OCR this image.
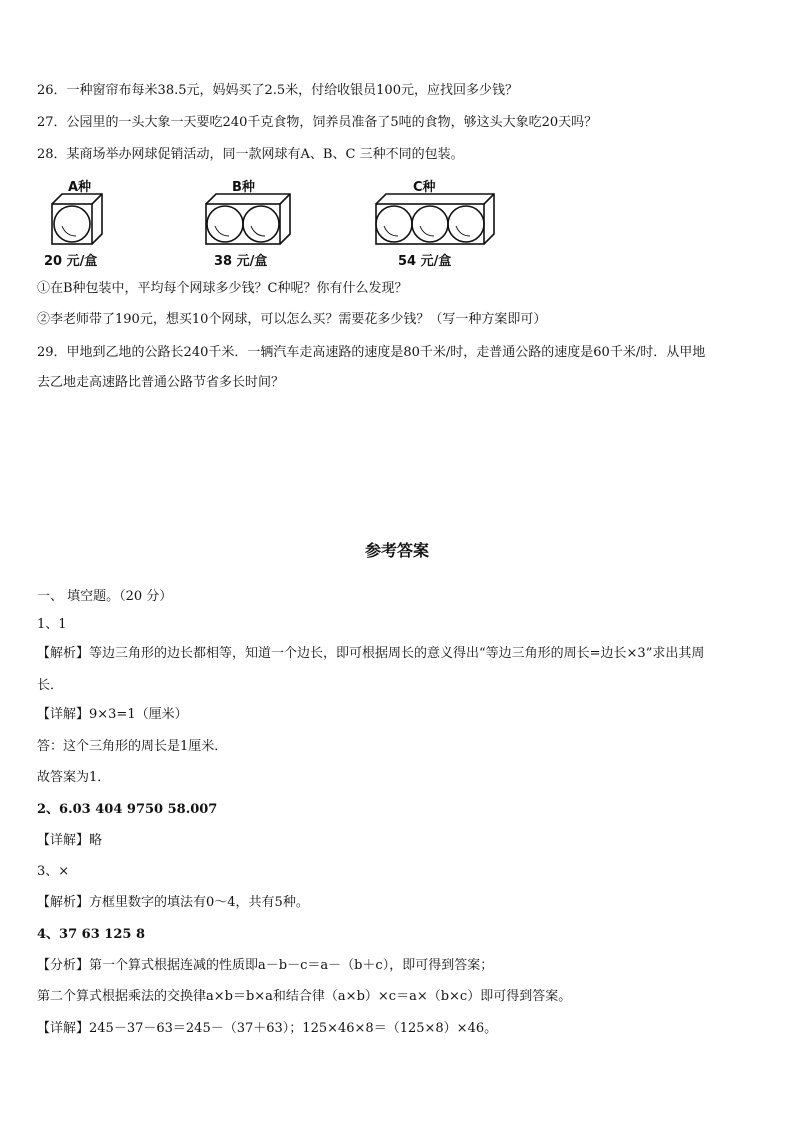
26．一种窗帘布每米38.5元，妈妈买了2.5米，付给收银员100元，应找回多少钱？
27．公园里的一头大象一天要吃240千克食物，饲养员准备了5吨的食物，够这头大象吃20天吗？
28．某商场举办网球促销活动，同一款网球有A、B、C 三种不同的包装。
A种	B种	C种
20 元/盒	38 元/盒	54 元/盒
①在B种包装中，平均每个网球多少钱？C种呢？你有什么发现？
②李老师带了190元，想买10个网球，可以怎么买？需要花多少钱？（写一种方案即可）
29．甲地到乙地的公路长240千米．一辆汽车走高速路的速度是80千米/时，走普通公路的速度是60千米/时．从甲地
去乙地走高速路比普通公路节省多长时间？
参考答案
一、 填空题。（20 分）
1、1
【解析】等边三角形的边长都相等，知道一个边长，即可根据周长的意义得出“等边三角形的周长=边长×3”求出其周
长．
【详解】9×3=1（厘米）
答：这个三角形的周长是1厘米．
故答案为1．
2、6.03 404 9750 58.007
【详解】略
3、×
【解析】方框里数字的填法有0～4，共有5种。
4、37 63 125 8
【分析】第一个算式根据连减的性质即a－b－c＝a－（b＋c），即可得到答案；
第二个算式根据乘法的交换律a×b＝b×a和结合律（a×b）×c＝a×（b×c）即可得到答案。
【详解】245－37－63＝245－（37＋63）；125×46×8＝（125×8）×46。
